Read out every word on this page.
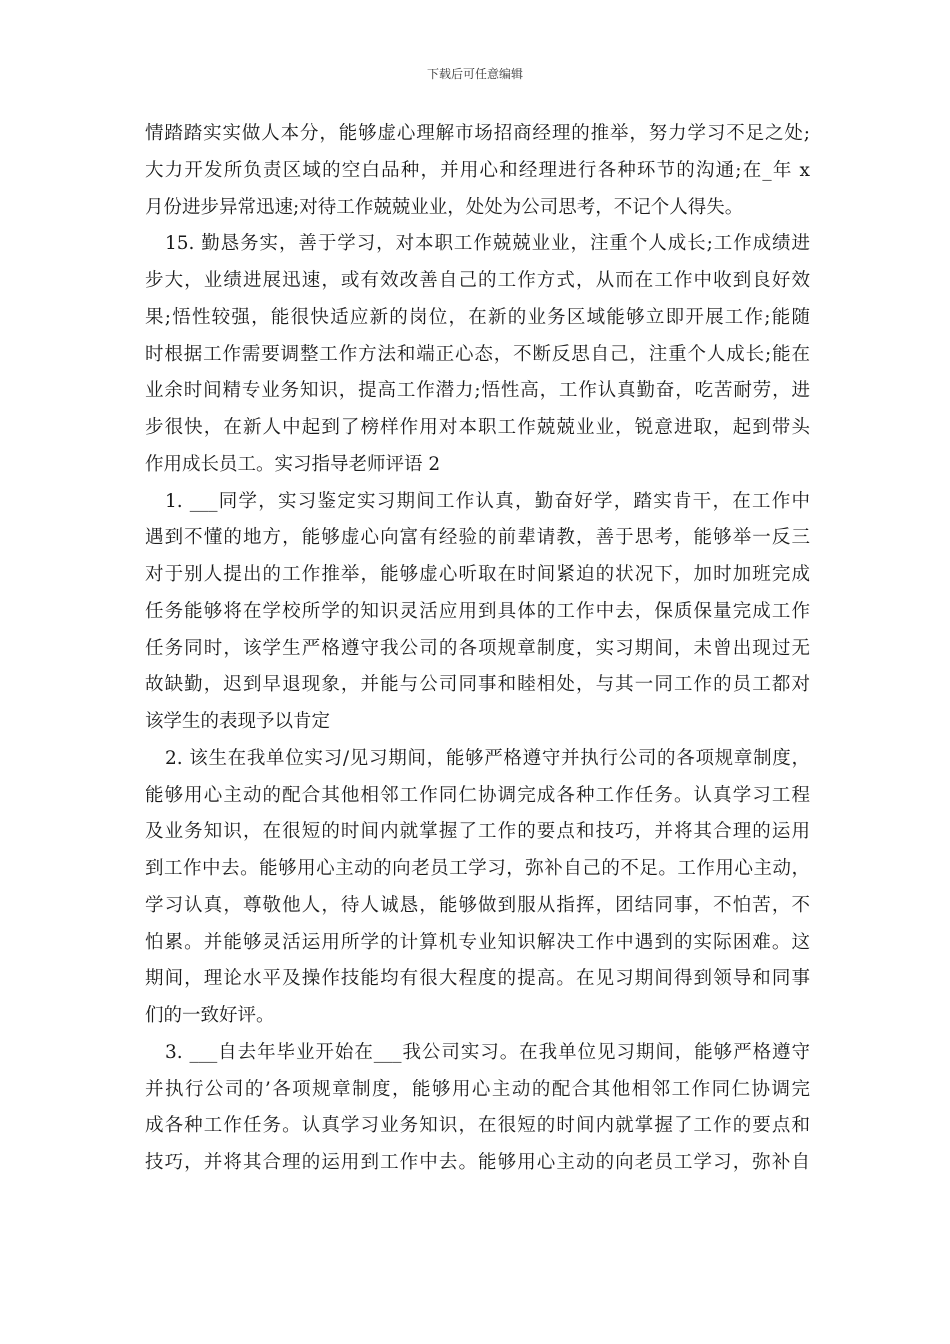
下载后可任意编辑
情踏踏实实做人本分，能够虚心理解市场招商经理的推举，努力学习不足之处;
大力开发所负责区域的空白品种，并用心和经理进行各种环节的沟通;在_年 x
月份进步异常迅速;对待工作兢兢业业，处处为公司思考，不记个人得失。
15. 勤恳务实，善于学习，对本职工作兢兢业业，注重个人成长;工作成绩进
步大，业绩进展迅速，或有效改善自己的工作方式，从而在工作中收到良好效
果;悟性较强，能很快适应新的岗位，在新的业务区域能够立即开展工作;能随
时根据工作需要调整工作方法和端正心态，不断反思自己，注重个人成长;能在
业余时间精专业务知识，提高工作潜力;悟性高，工作认真勤奋，吃苦耐劳，进
步很快，在新人中起到了榜样作用对本职工作兢兢业业，锐意进取，起到带头
作用成长员工。实习指导老师评语 2
1. ___同学，实习鉴定实习期间工作认真，勤奋好学，踏实肯干，在工作中
遇到不懂的地方，能够虚心向富有经验的前辈请教，善于思考，能够举一反三
对于别人提出的工作推举，能够虚心听取在时间紧迫的状况下，加时加班完成
任务能够将在学校所学的知识灵活应用到具体的工作中去，保质保量完成工作
任务同时，该学生严格遵守我公司的各项规章制度，实习期间，未曾出现过无
故缺勤，迟到早退现象，并能与公司同事和睦相处，与其一同工作的员工都对
该学生的表现予以肯定
2. 该生在我单位实习/见习期间，能够严格遵守并执行公司的各项规章制度，
能够用心主动的配合其他相邻工作同仁协调完成各种工作任务。认真学习工程
及业务知识，在很短的时间内就掌握了工作的要点和技巧，并将其合理的运用
到工作中去。能够用心主动的向老员工学习，弥补自己的不足。工作用心主动，
学习认真，尊敬他人，待人诚恳，能够做到服从指挥，团结同事，不怕苦，不
怕累。并能够灵活运用所学的计算机专业知识解决工作中遇到的实际困难。这
期间，理论水平及操作技能均有很大程度的提高。在见习期间得到领导和同事
们的一致好评。
3. ___自去年毕业开始在___我公司实习。在我单位见习期间，能够严格遵守
并执行公司的’各项规章制度，能够用心主动的配合其他相邻工作同仁协调完
成各种工作任务。认真学习业务知识，在很短的时间内就掌握了工作的要点和
技巧，并将其合理的运用到工作中去。能够用心主动的向老员工学习，弥补自
